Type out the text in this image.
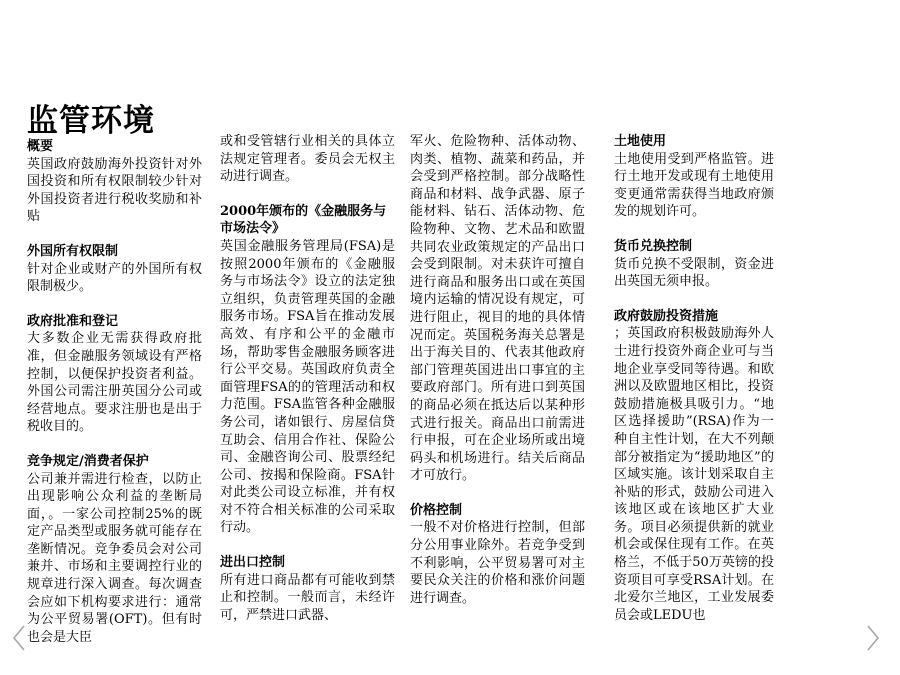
监管环境
概要
英国政府鼓励海外投资针对外国投资和所有权限制较少针对外国投资者进行税收奖励和补贴
外国所有权限制
针对企业或财产的外国所有权限制极少。
政府批准和登记
大多数企业无需获得政府批准，但金融服务领域设有严格控制，以便保护投资者利益。外国公司需注册英国分公司或经营地点。要求注册也是出于税收目的。
竞争规定/消费者保护
公司兼并需进行检查，以防止出现影响公众利益的垄断局面，。一家公司控制25%的既定产品类型或服务就可能存在垄断情况。竞争委员会对公司兼并、市场和主要调控行业的规章进行深入调查。每次调查会应如下机构要求进行：通常为公平贸易署(OFT)。但有时也会是大臣
或和受管辖行业相关的具体立法规定管理者。委员会无权主动进行调查。
2000年颁布的《金融服务与市场法令》
英国金融服务管理局(FSA)是按照2000年颁布的《金融服务与市场法令》设立的法定独立组织，负责管理英国的金融服务市场。FSA旨在推动发展高效、有序和公平的金融市场，帮助零售金融服务顾客进行公平交易。英国政府负责全面管理FSA的的管理活动和权力范围。FSA监管各种金融服务公司，诸如银行、房屋信贷互助会、信用合作社、保险公司、金融咨询公司、股票经纪公司、按揭和保险商。FSA针对此类公司设立标准，并有权对不符合相关标准的公司采取行动。
进出口控制
所有进口商品都有可能收到禁止和控制。一般而言，未经许可，严禁进口武器、
军火、危险物种、活体动物、肉类、植物、蔬菜和药品，并会受到严格控制。部分战略性商品和材料、战争武器、原子能材料、钻石、活体动物、危险物种、文物、艺术品和欧盟共同农业政策规定的产品出口会受到限制。对未获许可擅自进行商品和服务出口或在英国境内运输的情况设有规定，可进行阻止，视目的地的具体情况而定。英国税务海关总署是出于海关目的、代表其他政府部门管理英国进出口事宜的主要政府部门。所有进口到英国的商品必须在抵达后以某种形式进行报关。商品出口前需进行申报，可在企业场所或出境码头和机场进行。结关后商品才可放行。
价格控制
一般不对价格进行控制，但部分公用事业除外。若竞争受到不利影响，公平贸易署可对主要民众关注的价格和涨价问题进行调查。
土地使用
土地使用受到严格监管。进行土地开发或现有土地使用变更通常需获得当地政府颁发的规划许可。
货币兑换控制
货币兑换不受限制，资金进出英国无须申报。
政府鼓励投资措施
；英国政府积极鼓励海外人士进行投资外商企业可与当地企业享受同等待遇。和欧洲以及欧盟地区相比，投资鼓励措施极具吸引力。“地区选择援助”(RSA)作为一种自主性计划，在大不列颠部分被指定为“援助地区”的区域实施。该计划采取自主补贴的形式，鼓励公司进入该地区或在该地区扩大业务。项目必须提供新的就业机会或保住现有工作。在英格兰，不低于50万英镑的投资项目可享受RSA计划。在北爱尔兰地区，工业发展委员会或LEDU也
